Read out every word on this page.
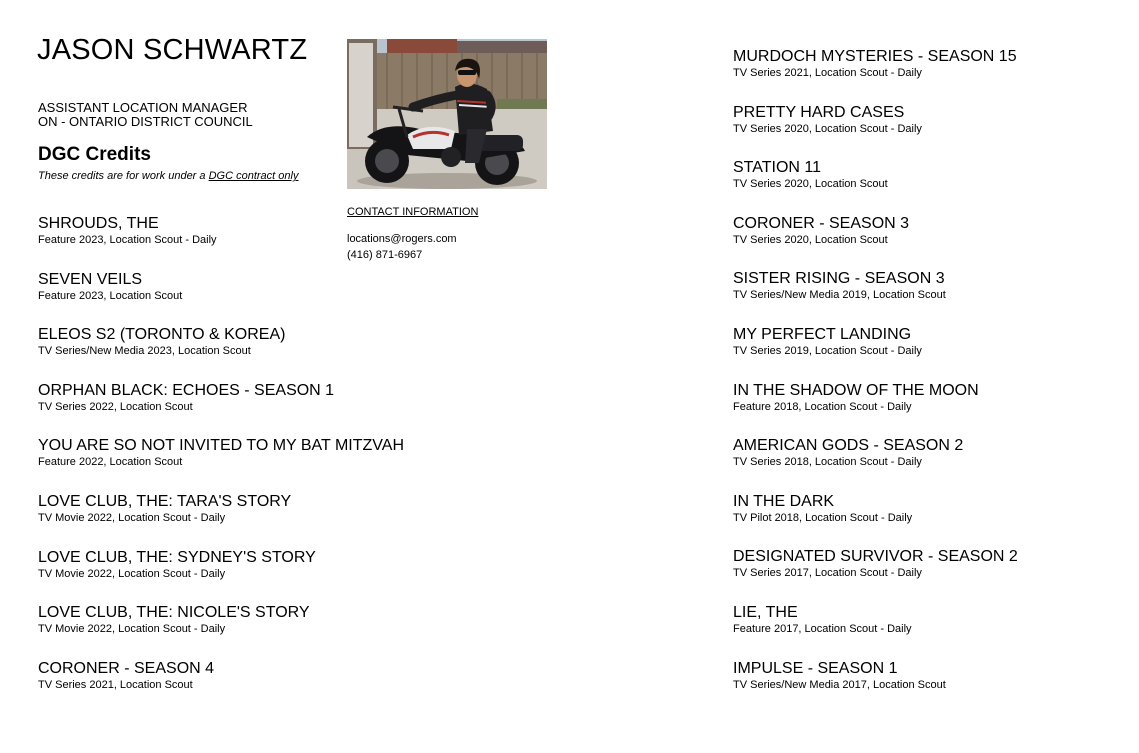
JASON SCHWARTZ
ASSISTANT LOCATION MANAGER
ON - ONTARIO DISTRICT COUNCIL
DGC Credits
These credits are for work under a DGC contract only
CONTACT INFORMATION
locations@rogers.com
(416) 871-6967
SHROUDS, THE
Feature 2023, Location Scout - Daily
SEVEN VEILS
Feature 2023, Location Scout
ELEOS S2 (TORONTO & KOREA)
TV Series/New Media 2023, Location Scout
ORPHAN BLACK: ECHOES - SEASON 1
TV Series 2022, Location Scout
YOU ARE SO NOT INVITED TO MY BAT MITZVAH
Feature 2022, Location Scout
LOVE CLUB, THE: TARA'S STORY
TV Movie 2022, Location Scout - Daily
LOVE CLUB, THE: SYDNEY'S STORY
TV Movie 2022, Location Scout - Daily
LOVE CLUB, THE: NICOLE'S STORY
TV Movie 2022, Location Scout - Daily
CORONER - SEASON 4
TV Series 2021, Location Scout
MURDOCH MYSTERIES - SEASON 15
TV Series 2021, Location Scout - Daily
PRETTY HARD CASES
TV Series 2020, Location Scout - Daily
STATION 11
TV Series 2020, Location Scout
CORONER - SEASON 3
TV Series 2020, Location Scout
SISTER RISING - SEASON 3
TV Series/New Media 2019, Location Scout
MY PERFECT LANDING
TV Series 2019, Location Scout - Daily
IN THE SHADOW OF THE MOON
Feature 2018, Location Scout - Daily
AMERICAN GODS - SEASON 2
TV Series 2018, Location Scout - Daily
IN THE DARK
TV Pilot 2018, Location Scout - Daily
DESIGNATED SURVIVOR - SEASON 2
TV Series 2017, Location Scout - Daily
LIE, THE
Feature 2017, Location Scout - Daily
IMPULSE - SEASON 1
TV Series/New Media 2017, Location Scout
